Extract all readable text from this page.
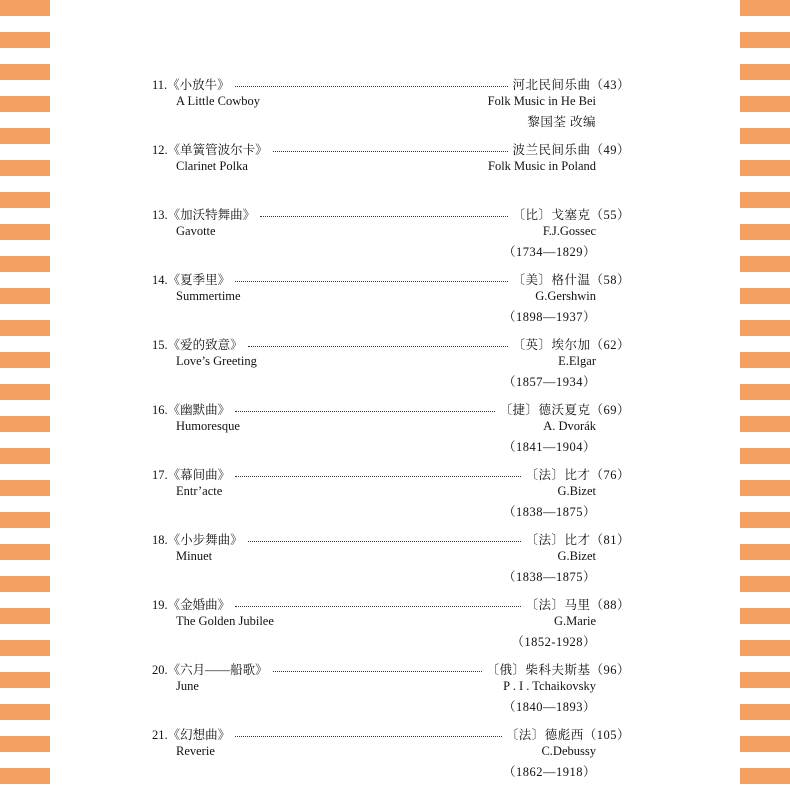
11.《小放牛》	河北民间乐曲（43）
A Little Cowboy	Folk Music in He Bei
黎国荃 改编
12.《单簧管波尔卡》	波兰民间乐曲（49）
Clarinet Polka	Folk Music in Poland
13.《加沃特舞曲》	〔比〕戈塞克（55）
Gavotte	F.J.Gossec
（1734—1829）
14.《夏季里》	〔美〕格什温（58）
Summertime	G.Gershwin
（1898—1937）
15.《爱的致意》	〔英〕埃尔加（62）
Love’s Greeting	E.Elgar
（1857—1934）
16.《幽默曲》	〔捷〕德沃夏克（69）
Humoresque	A. Dvorák
（1841—1904）
17.《幕间曲》	〔法〕比才（76）
Entr’acte	G.Bizet
（1838—1875）
18.《小步舞曲》	〔法〕比才（81）
Minuet	G.Bizet
（1838—1875）
19.《金婚曲》	〔法〕马里（88）
The Golden Jubilee	G.Marie
（1852-1928）
20.《六月——船歌》	〔俄〕柴科夫斯基（96）
June	P . I . Tchaikovsky
（1840—1893）
21.《幻想曲》	〔法〕德彪西（105）
Reverie	C.Debussy
（1862—1918）
